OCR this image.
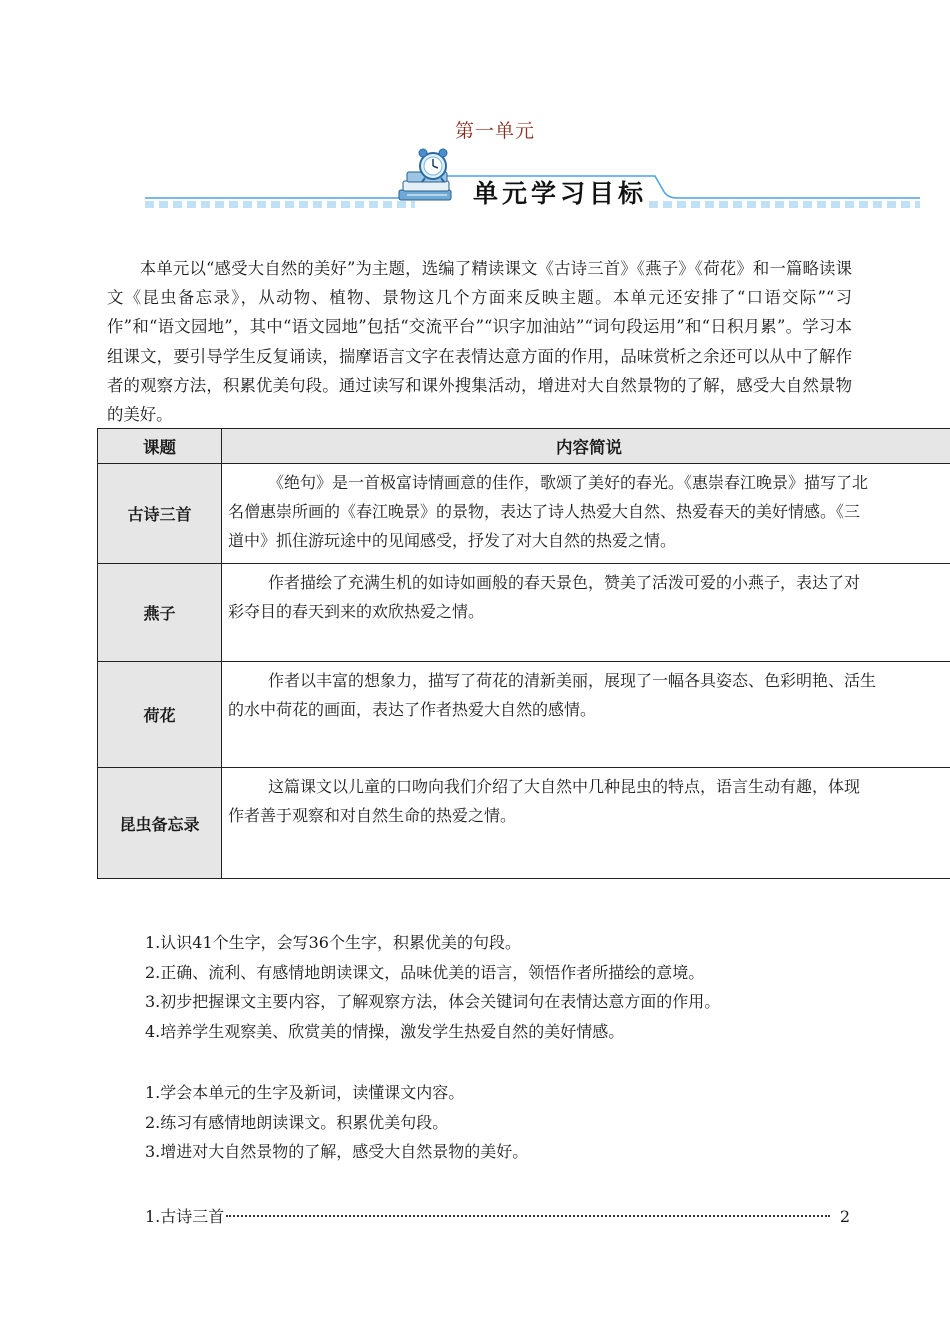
第一单元
单元学习目标

本单元以“感受大自然的美好”为主题，选编了精读课文《古诗三首》《燕子》《荷花》和一篇略读课文《昆虫备忘录》，从动物、植物、景物这几个方面来反映主题。本单元还安排了“口语交际”“习作”和“语文园地”，其中“语文园地”包括“交流平台”“识字加油站”“词句段运用”和“日积月累”。学习本组课文，要引导学生反复诵读，揣摩语言文字在表情达意方面的作用，品味赏析之余还可以从中了解作者的观察方法，积累优美句段。通过读写和课外搜集活动，增进对大自然景物的了解，感受大自然景物的美好。

课题	内容简说
古诗三首	《绝句》是一首极富诗情画意的佳作，歌颂了美好的春光。《惠崇春江晚景》描写了北
名僧惠崇所画的《春江晚景》的景物，表达了诗人热爱大自然、热爱春天的美好情感。《三
道中》抓住游玩途中的见闻感受，抒发了对大自然的热爱之情。

燕子	作者描绘了充满生机的如诗如画般的春天景色，赞美了活泼可爱的小燕子，表达了对
彩夺目的春天到来的欢欣热爱之情。

荷花	作者以丰富的想象力，描写了荷花的清新美丽，展现了一幅各具姿态、色彩明艳、活生
的水中荷花的画面，表达了作者热爱大自然的感情。

昆虫备忘录	这篇课文以儿童的口吻向我们介绍了大自然中几种昆虫的特点，语言生动有趣，体现
作者善于观察和对自然生命的热爱之情。
1.认识41个生字，会写36个生字，积累优美的句段。
2.正确、流利、有感情地朗读课文，品味优美的语言，领悟作者所描绘的意境。
3.初步把握课文主要内容，了解观察方法，体会关键词句在表情达意方面的作用。
4.培养学生观察美、欣赏美的情操，激发学生热爱自然的美好情感。
1.学会本单元的生字及新词，读懂课文内容。
2.练习有感情地朗读课文。积累优美句段。
3.增进对大自然景物的了解，感受大自然景物的美好。
1.古诗三首	2
